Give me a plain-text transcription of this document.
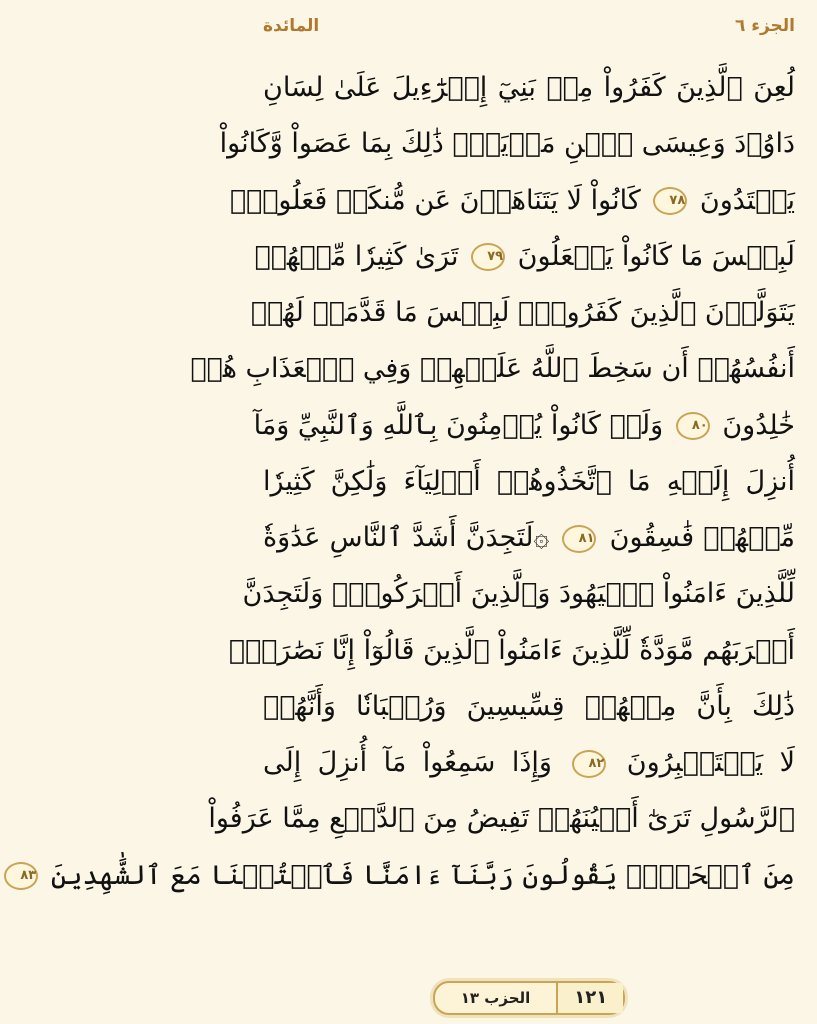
الجزء ٦
المائدة
لُعِنَ ٱلَّذِينَ كَفَرُواْ مِنۢ بَنِيٓ إِسۡرَٰٓءِيلَ عَلَىٰ لِسَانِ
دَاوُۥدَ وَعِيسَى ٱبۡنِ مَرۡيَمَۚ ذَٰلِكَ بِمَا عَصَواْ وَّكَانُواْ
يَعۡتَدُونَ ٧٨ كَانُواْ لَا يَتَنَاهَوۡنَ عَن مُّنكَرٖ فَعَلُوهُۚ
لَبِئۡسَ مَا كَانُواْ يَفۡعَلُونَ ٧٩ تَرَىٰ كَثِيرٗا مِّنۡهُمۡ
يَتَوَلَّوۡنَ ٱلَّذِينَ كَفَرُواْۚ لَبِئۡسَ مَا قَدَّمَتۡ لَهُمۡ
أَنفُسُهُمۡ أَن سَخِطَ ٱللَّهُ عَلَيۡهِمۡ وَفِي ٱلۡعَذَابِ هُمۡ
خَٰلِدُونَ ٨٠ وَلَوۡ كَانُواْ يُؤۡمِنُونَ بِٱللَّهِ وَٱلنَّبِيِّ وَمَآ
أُنزِلَ إِلَيۡهِ مَا ٱتَّخَذُوهُمۡ أَوۡلِيَآءَ وَلَٰكِنَّ كَثِيرٗا
مِّنۡهُمۡ فَٰسِقُونَ ٨١ ۞لَتَجِدَنَّ أَشَدَّ ٱلنَّاسِ عَدَٰوَةٗ
لِّلَّذِينَ ءَامَنُواْ ٱلۡيَهُودَ وَٱلَّذِينَ أَشۡرَكُواْۖ وَلَتَجِدَنَّ
أَقۡرَبَهُم مَّوَدَّةٗ لِّلَّذِينَ ءَامَنُواْ ٱلَّذِينَ قَالُوٓاْ إِنَّا نَصَٰرَىٰۚ
ذَٰلِكَ بِأَنَّ مِنۡهُمۡ قِسِّيسِينَ وَرُهۡبَانٗا وَأَنَّهُمۡ
لَا يَسۡتَكۡبِرُونَ ٨٢ وَإِذَا سَمِعُواْ مَآ أُنزِلَ إِلَى
ٱلرَّسُولِ تَرَىٰٓ أَعۡيُنَهُمۡ تَفِيضُ مِنَ ٱلدَّمۡعِ مِمَّا عَرَفُواْ
مِنَ ٱلۡحَقِّۖ يَقُولُونَ رَبَّنَآ ءَامَنَّا فَٱكۡتُبۡنَا مَعَ ٱلشَّٰهِدِينَ ٨٣
١٢١
الحزب ١٣
